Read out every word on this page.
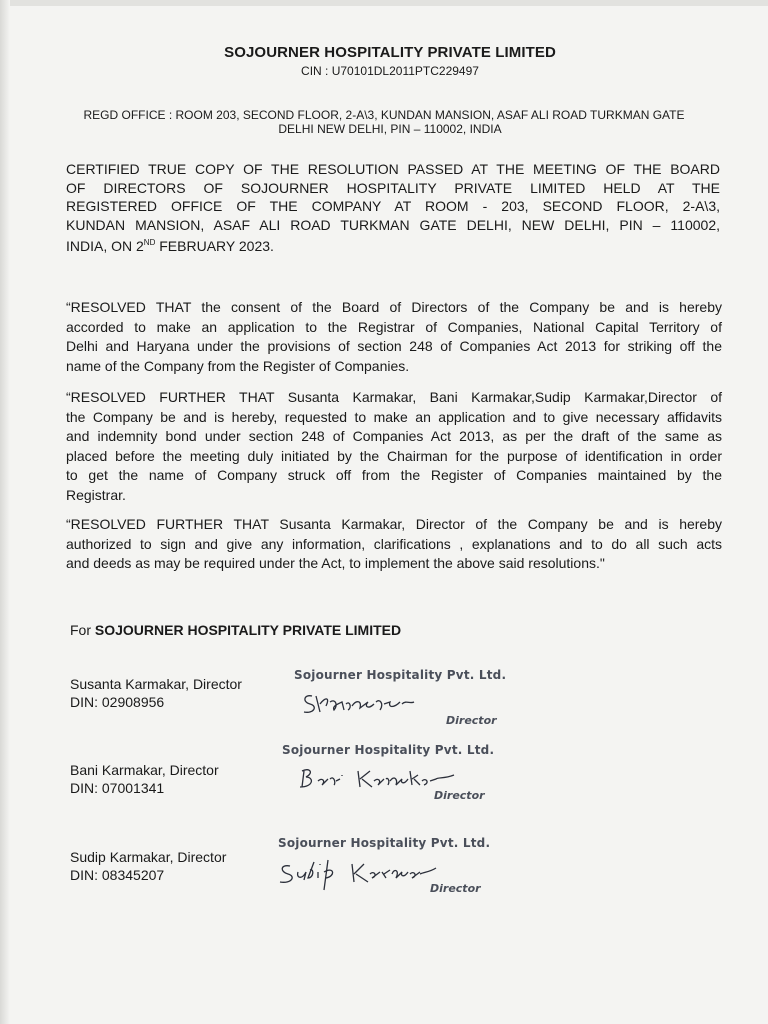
SOJOURNER HOSPITALITY PRIVATE LIMITED
CIN : U70101DL2011PTC229497
REGD OFFICE : ROOM 203, SECOND FLOOR, 2-A\3, KUNDAN MANSION, ASAF ALI ROAD TURKMAN GATE
DELHI NEW DELHI, PIN – 110002, INDIA
CERTIFIED TRUE COPY OF THE RESOLUTION PASSED AT THE MEETING OF THE BOARD
OF DIRECTORS OF SOJOURNER HOSPITALITY PRIVATE LIMITED HELD AT THE
REGISTERED OFFICE OF THE COMPANY AT ROOM - 203, SECOND FLOOR, 2-A\3,
KUNDAN MANSION, ASAF ALI ROAD TURKMAN GATE DELHI, NEW DELHI, PIN – 110002,
INDIA, ON 2ND FEBRUARY 2023.
“RESOLVED THAT the consent of the Board of Directors of the Company be and is hereby
accorded to make an application to the Registrar of Companies, National Capital Territory of
Delhi and Haryana under the provisions of section 248 of Companies Act 2013 for striking off the
name of the Company from the Register of Companies.
“RESOLVED FURTHER THAT Susanta Karmakar, Bani Karmakar,Sudip Karmakar,Director of
the Company be and is hereby, requested to make an application and to give necessary affidavits
and indemnity bond under section 248 of Companies Act 2013, as per the draft of the same as
placed before the meeting duly initiated by the Chairman for the purpose of identification in order
to get the name of Company struck off from the Register of Companies maintained by the
Registrar.
“RESOLVED FURTHER THAT Susanta Karmakar, Director of the Company be and is hereby
authorized to sign and give any information, clarifications , explanations and to do all such acts
and deeds as may be required under the Act, to implement the above said resolutions."
For SOJOURNER HOSPITALITY PRIVATE LIMITED
Susanta Karmakar, Director
DIN: 02908956
Sojourner Hospitality Pvt. Ltd.
Director
Bani Karmakar, Director
DIN: 07001341
Sojourner Hospitality Pvt. Ltd.
Director
Sudip Karmakar, Director
DIN: 08345207
Sojourner Hospitality Pvt. Ltd.
Director
